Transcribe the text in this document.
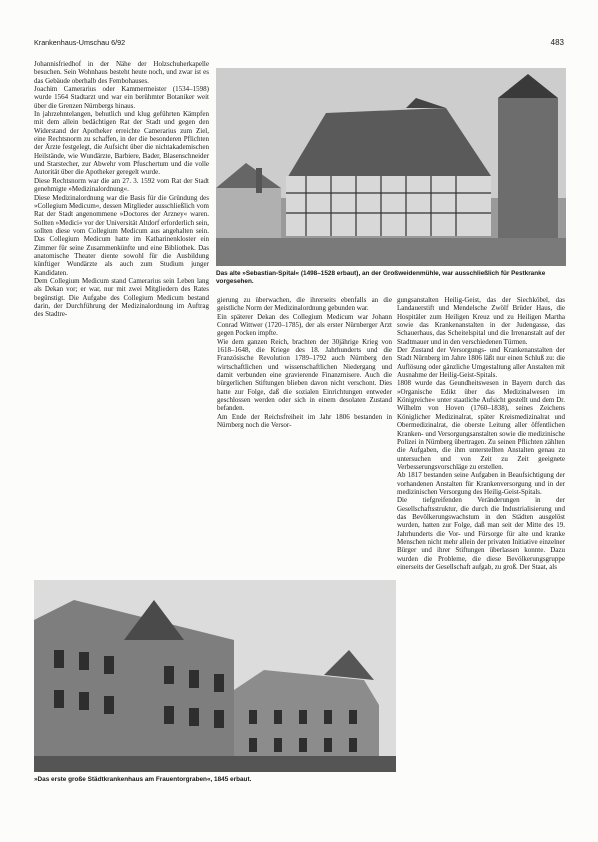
Krankenhaus-Umschau 6/92	483

Johannisfriedhof in der Nähe der Holzschuherkapelle besuchen. Sein Wohnhaus besteht heute noch, und zwar ist es das Gebäude oberhalb des Fembohauses.

Joachim Camerarius oder Kammermeister (1534–1598) wurde 1564 Stadtarzt und war ein berühmter Botaniker weit über die Grenzen Nürnbergs hinaus.

In jahrzehntelangen, behutlich und klug geführten Kämpfen mit dem allein bedächtigen Rat der Stadt und gegen den Widerstand der Apotheker erreichte Camerarius zum Ziel, eine Rechtsnorm zu schaffen, in der die besonderen Pflichten der Ärzte festgelegt, die Aufsicht über die nichtakademischen Heilstände, wie Wundärzte, Barbiere, Bader, Blasenschneider und Starstecher, zur Abwehr vom Pfuschertum und die volle Autorität über die Apotheker geregelt wurde.

Diese Rechtsnorm war die am 27. 3. 1592 vom Rat der Stadt genehmigte »Medizinalordnung«.

Diese Medizinalordnung war die Basis für die Gründung des »Collegium Medicum«, dessen Mitglieder ausschließlich vom Rat der Stadt angenommene »Doctores der Arzney« waren. Sollten »Medici« vor der Universität Altdorf erforderlich sein, sollten diese vom Collegium Medicum aus angehalten sein. Das Collegium Medicum hatte im Katharinenkloster ein Zimmer für seine Zusammenkünfte und eine Bibliothek. Das anatomische Theater diente sowohl für die Ausbildung künftiger Wundärzte als auch zum Studium junger Kandidaten.

Dem Collegium Medicum stand Camerarius sein Leben lang als Dekan vor; er war, nur mit zwei Mitgliedern des Rates begünstigt. Die Aufgabe des Collegium Medicum bestand darin, der Durchführung der Medizinalordnung im Auftrag des Stadtre-

Das alte »Sebastian-Spital« (1498–1528 erbaut), an der Großweidenmühle, war ausschließlich für Pestkranke vorgesehen.

gierung zu überwachen, die ihrerseits ebenfalls an die geistliche Norm der Medizinalordnung gebunden war.

Ein späterer Dekan des Collegium Medicum war Johann Conrad Wittwer (1720–1785), der als erster Nürnberger Arzt gegen Pocken impfte.

Wie dem ganzen Reich, brachten der 30jährige Krieg von 1618–1648, die Kriege des 18. Jahrhunderts und die Französische Revolution 1789–1792 auch Nürnberg den wirtschaftlichen und wissenschaftlichen Niedergang und damit verbunden eine gravierende Finanzmisere. Auch die bürgerlichen Stiftungen blieben davon nicht verschont. Dies hatte zur Folge, daß die sozialen Einrichtungen entweder geschlossen werden oder sich in einem desolaten Zustand befanden.

Am Ende der Reichsfreiheit im Jahr 1806 bestanden in Nürnberg noch die Versor-

gungsanstalten Heilig-Geist, das der Siechköbel, das Landauerstift und Mendelsche Zwölf Brüder Haus, die Hospitäler zum Heiligen Kreuz und zu Heiligen Martha sowie das Krankenanstalten in der Judengasse, das Schauerhaus, das Scheitelspital und die Irrenanstalt auf der Stadtmauer und in den verschiedenen Türmen.

Der Zustand der Versorgungs- und Krankenanstalten der Stadt Nürnberg im Jahre 1806 läßt nur einen Schluß zu: die Auflösung oder gänzliche Umgestaltung aller Anstalten mit Ausnahme der Heilig-Geist-Spitals.

1808 wurde das Geundheitswesen in Bayern durch das »Organische Edikt über das Medizinalwesen im Königreiche« unter staatliche Aufsicht gestellt und dem Dr. Wilhelm von Hoven (1760–1838), seines Zeichens Königlicher Medizinalrat, später Kreismedizinalrat und Obermedizinalrat, die oberste Leitung aller öffentlichen Kranken- und Versorgungsanstalten sowie die medizinische Polizei in Nürnberg übertragen. Zu seinen Pflichten zählten die Aufgaben, die ihm unterstellten Anstalten genau zu untersuchen und von Zeit zu Zeit geeignete Verbesserungsvorschläge zu erstellen.

Ab 1817 bestanden seine Aufgaben in Beaufsichtigung der vorhandenen Anstalten für Krankenversorgung und in der medizinischen Versorgung des Heilig-Geist-Spitals.

Die tiefgreifenden Veränderungen in der Gesellschaftsstruktur, die durch die Industrialisierung und das Bevölkerungswachstum in den Städten ausgelöst wurden, hatten zur Folge, daß man seit der Mitte des 19. Jahrhunderts die Vor- und Fürsorge für alte und kranke Menschen nicht mehr allein der privaten Initiative einzelner Bürger und ihrer Stiftungen überlassen konnte. Dazu wurden die Probleme, die diese Bevölkerungsgruppe einerseits der Gesellschaft aufgab, zu groß. Der Staat, als

»Das erste große Städtkrankenhaus am Frauentorgraben«, 1845 erbaut.
